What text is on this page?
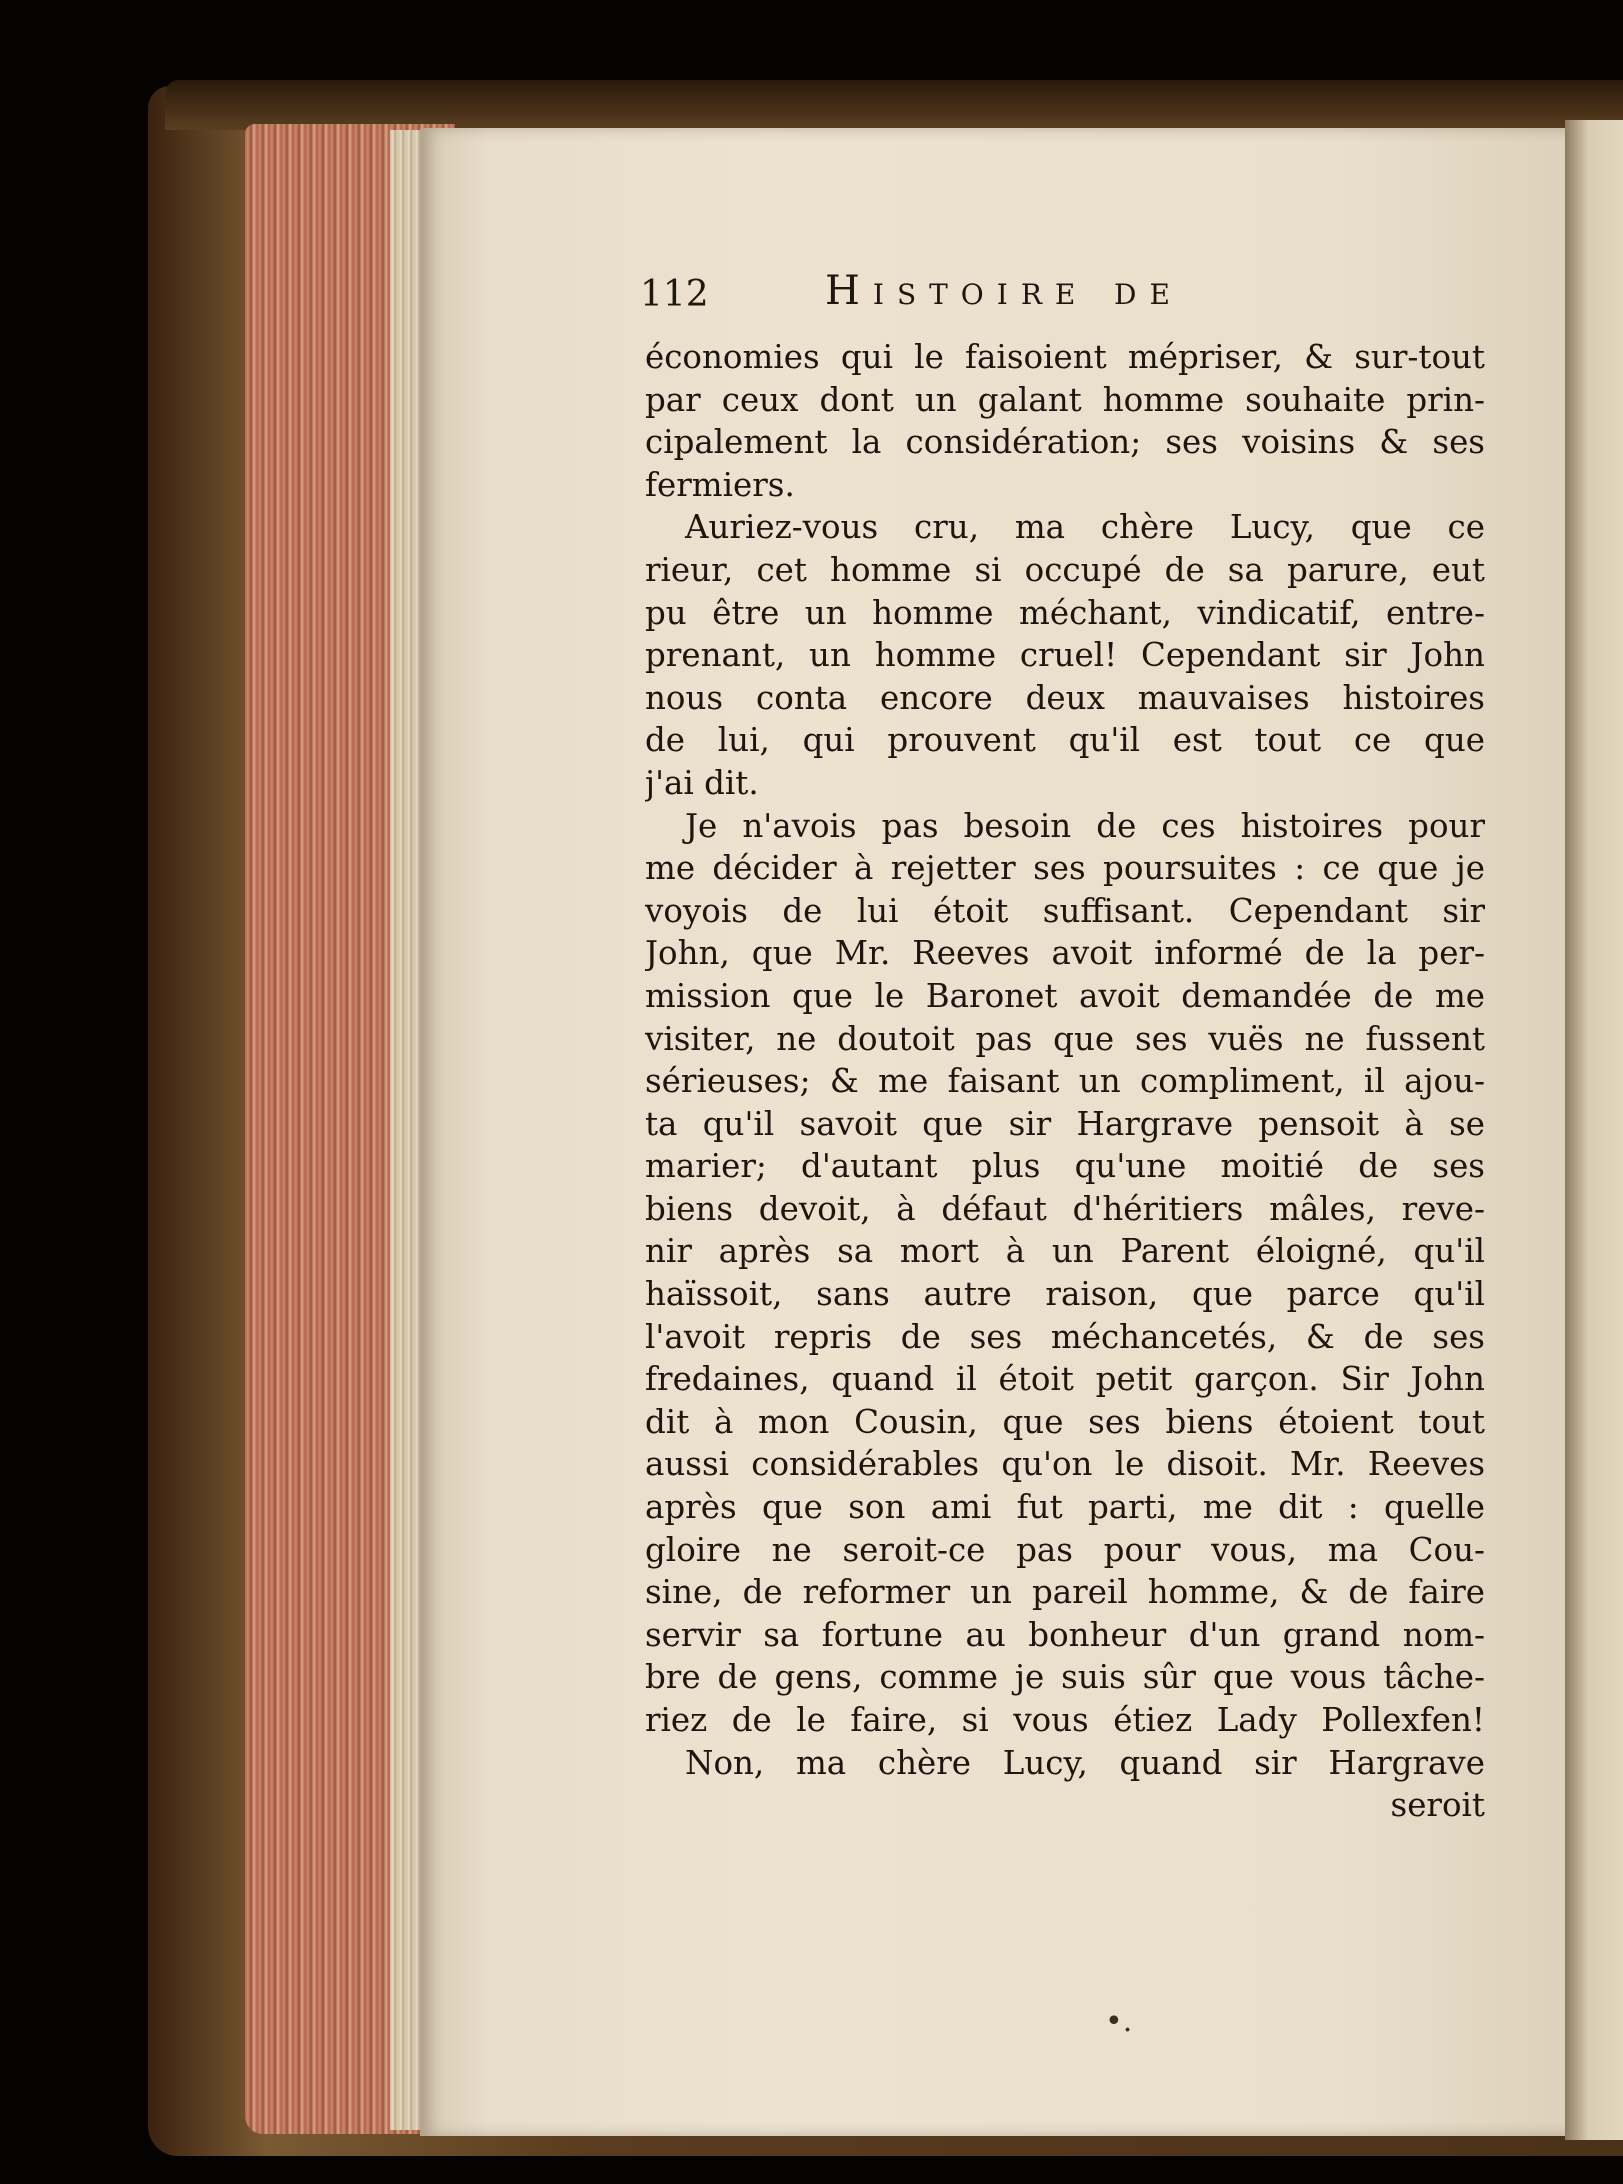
112	Histoire de
économies qui le faisoient mépriser, & sur-tout
par ceux dont un galant homme souhaite prin-
cipalement la considération; ses voisins & ses
fermiers.
Auriez-vous cru, ma chère Lucy, que ce
rieur, cet homme si occupé de sa parure, eut
pu être un homme méchant, vindicatif, entre-
prenant, un homme cruel! Cependant sir John
nous conta encore deux mauvaises histoires
de lui, qui prouvent qu'il est tout ce que
j'ai dit.
Je n'avois pas besoin de ces histoires pour
me décider à rejetter ses poursuites : ce que je
voyois de lui étoit suffisant. Cependant sir
John, que Mr. Reeves avoit informé de la per-
mission que le Baronet avoit demandée de me
visiter, ne doutoit pas que ses vuës ne fussent
sérieuses; & me faisant un compliment, il ajou-
ta qu'il savoit que sir Hargrave pensoit à se
marier; d'autant plus qu'une moitié de ses
biens devoit, à défaut d'héritiers mâles, reve-
nir après sa mort à un Parent éloigné, qu'il
haïssoit, sans autre raison, que parce qu'il
l'avoit repris de ses méchancetés, & de ses
fredaines, quand il étoit petit garçon. Sir John
dit à mon Cousin, que ses biens étoient tout
aussi considérables qu'on le disoit. Mr. Reeves
après que son ami fut parti, me dit : quelle
gloire ne seroit-ce pas pour vous, ma Cou-
sine, de reformer un pareil homme, & de faire
servir sa fortune au bonheur d'un grand nom-
bre de gens, comme je suis sûr que vous tâche-
riez de le faire, si vous étiez Lady Pollexfen!
Non, ma chère Lucy, quand sir Hargrave
seroit
•.
